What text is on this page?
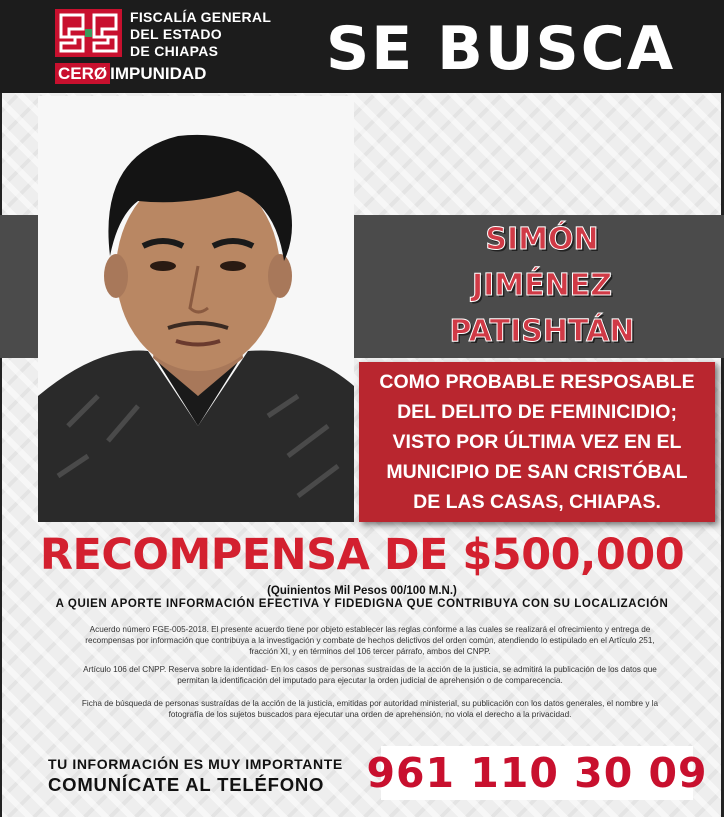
FISCALÍA GENERAL
DEL ESTADO
DE CHIAPAS
CERØ IMPUNIDAD SE BUSCA
SIMÓN
JIMÉNEZ
PATISHTÁN
COMO PROBABLE RESPOSABLE
DEL DELITO DE FEMINICIDIO;
VISTO POR ÚLTIMA VEZ EN EL
MUNICIPIO DE SAN CRISTÓBAL
DE LAS CASAS, CHIAPAS.
RECOMPENSA DE $500,000
(Quinientos Mil Pesos 00/100 M.N.)
A QUIEN APORTE INFORMACIÓN EFECTIVA Y FIDEDIGNA QUE CONTRIBUYA CON SU LOCALIZACIÓN
Acuerdo número FGE-005-2018. El presente acuerdo tiene por objeto establecer las reglas conforme a las cuales se realizará el ofrecimiento y entrega de recompensas por información que contribuya a la investigación y combate de hechos delictivos del orden común, atendiendo lo estipulado en el Artículo 251, fracción XI, y en términos del 106 tercer párrafo, ambos del CNPP.
Artículo 106 del CNPP. Reserva sobre la identidad- En los casos de personas sustraídas de la acción de la justicia, se admitirá la publicación de los datos que permitan la identificación del imputado para ejecutar la orden judicial de aprehensión o de comparecencia.
Ficha de búsqueda de personas sustraídas de la acción de la justicia, emitidas por autoridad ministerial, su publicación con los datos generales, el nombre y la fotografía de los sujetos buscados para ejecutar una orden de aprehensión, no viola el derecho a la privacidad.
TU INFORMACIÓN ES MUY IMPORTANTE
COMUNÍCATE AL TELÉFONO 961 110 30 09
